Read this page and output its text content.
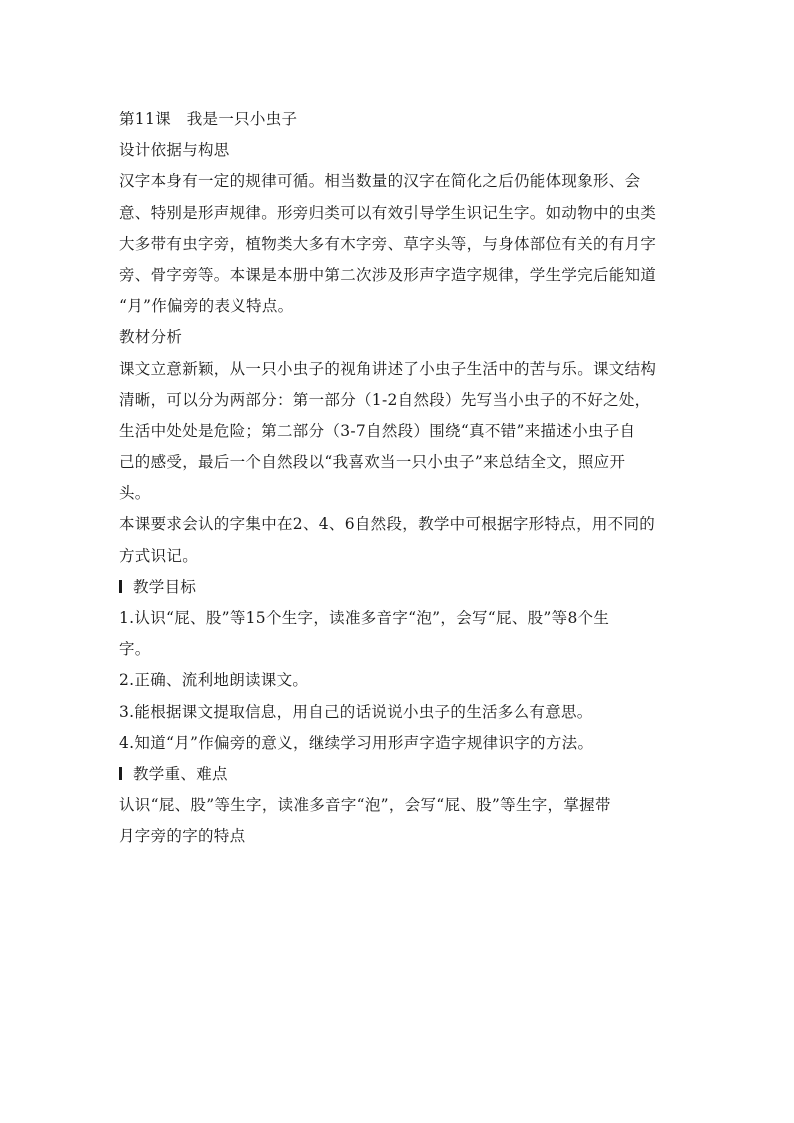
第11课　我是一只小虫子
设计依据与构思
汉字本身有一定的规律可循。相当数量的汉字在简化之后仍能体现象形、会
意、特别是形声规律。形旁归类可以有效引导学生识记生字。如动物中的虫类
大多带有虫字旁，植物类大多有木字旁、草字头等，与身体部位有关的有月字
旁、骨字旁等。本课是本册中第二次涉及形声字造字规律，学生学完后能知道
“月”作偏旁的表义特点。
教材分析
课文立意新颖，从一只小虫子的视角讲述了小虫子生活中的苦与乐。课文结构
清晰，可以分为两部分：第一部分（1-2自然段）先写当小虫子的不好之处，
生活中处处是危险；第二部分（3-7自然段）围绕“真不错”来描述小虫子自
己的感受，最后一个自然段以“我喜欢当一只小虫子”来总结全文，照应开
头。
本课要求会认的字集中在2、4、6自然段，教学中可根据字形特点，用不同的
方式识记。
教学目标
1.认识“屁、股”等15个生字，读准多音字“泡”，会写“屁、股”等8个生
字。
2.正确、流利地朗读课文。
3.能根据课文提取信息，用自己的话说说小虫子的生活多么有意思。
4.知道“月”作偏旁的意义，继续学习用形声字造字规律识字的方法。
教学重、难点
认识“屁、股”等生字，读准多音字“泡”，会写“屁、股”等生字，掌握带
月字旁的字的特点
